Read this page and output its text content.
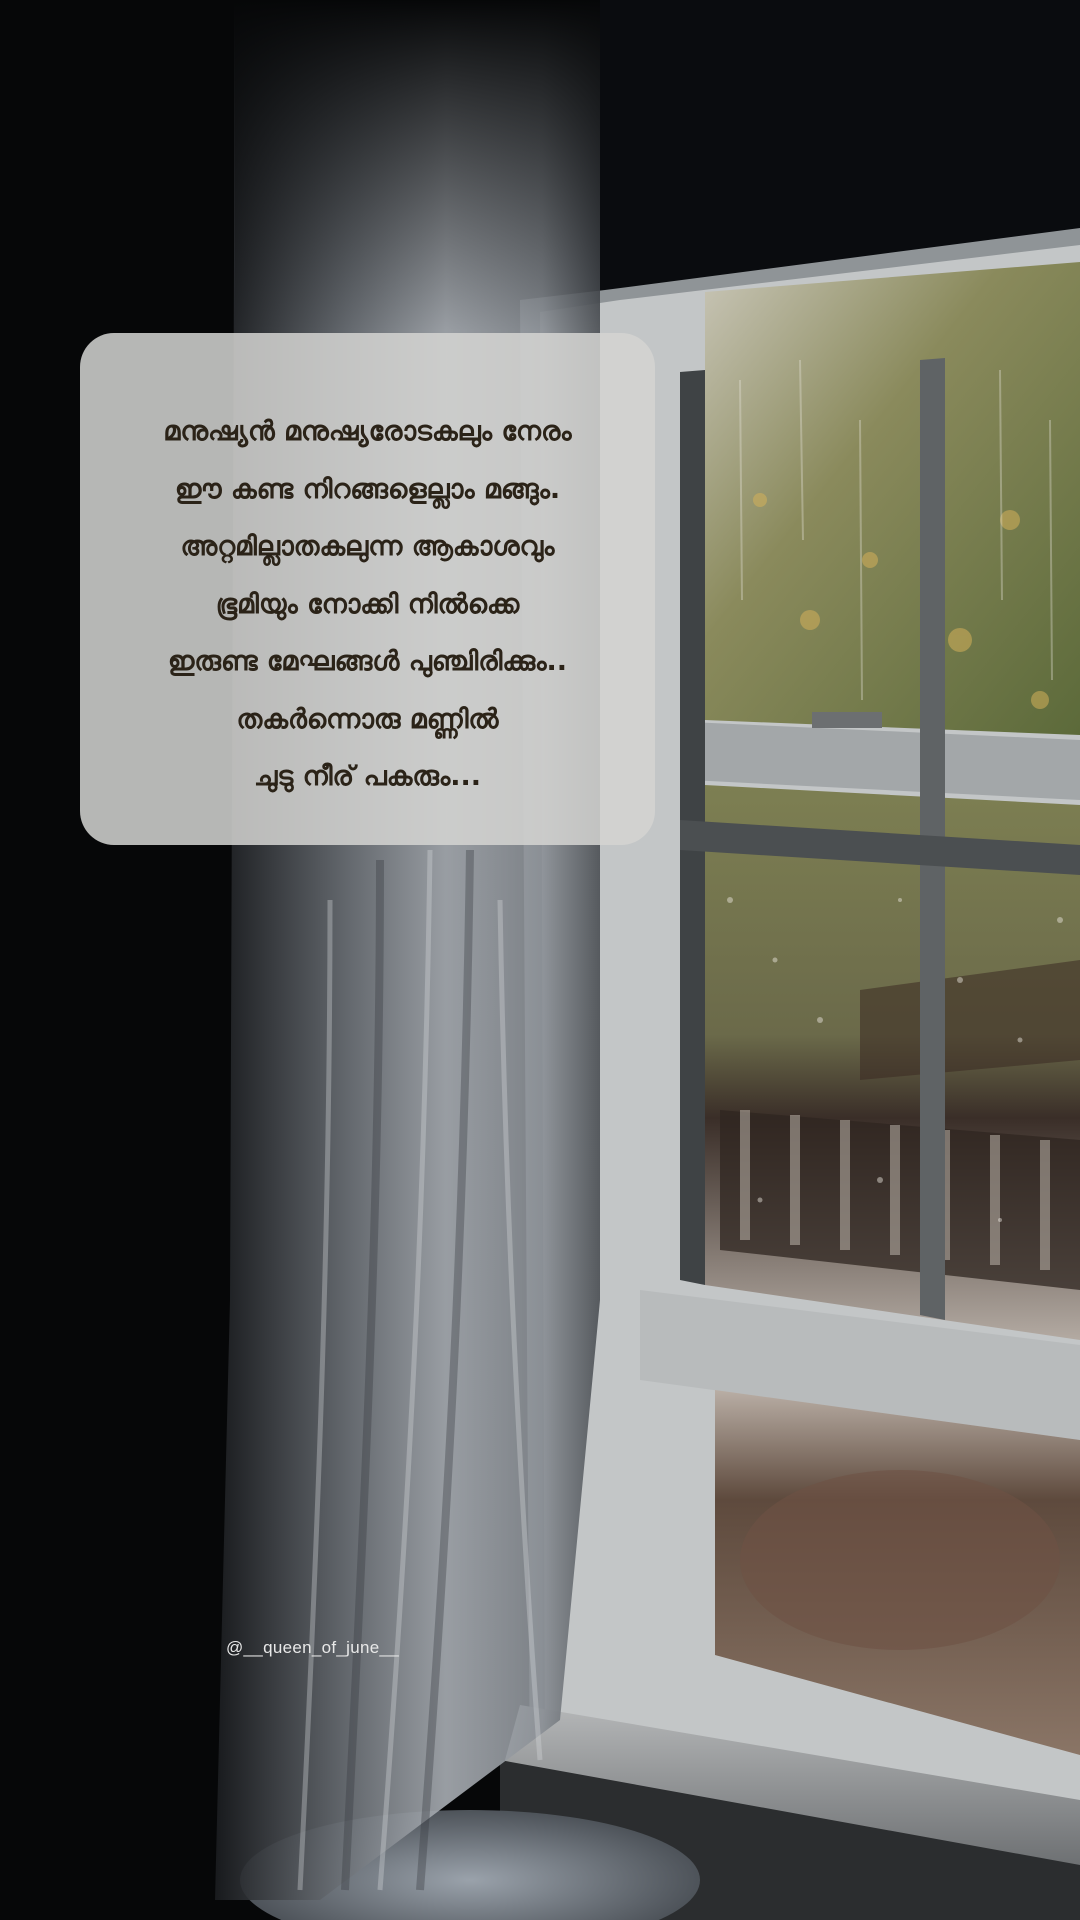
മനുഷ്യൻ മനുഷ്യരോടകലും നേരം
ഈ കണ്ട നിറങ്ങളെല്ലാം മങ്ങും.
അറ്റമില്ലാതകലുന്ന ആകാശവും
ഭൂമിയും നോക്കി നിൽക്കെ
ഇരുണ്ട മേഘങ്ങൾ പുഞ്ചിരിക്കും..
തകർന്നൊരു മണ്ണിൽ
ചുടു നീര് പകരും...
@__queen_of_june__
